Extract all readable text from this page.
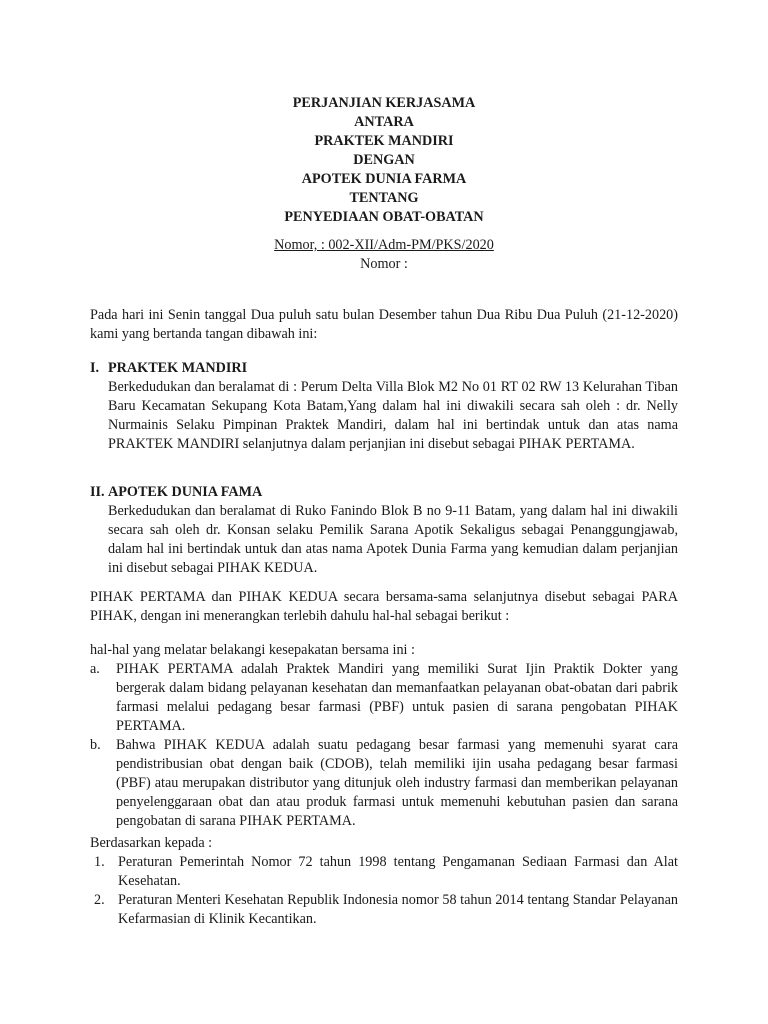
PERJANJIAN KERJASAMA
ANTARA
PRAKTEK MANDIRI
DENGAN
APOTEK DUNIA FARMA
TENTANG
PENYEDIAAN OBAT-OBATAN
Nomor, : 002-XII/Adm-PM/PKS/2020
Nomor :

Pada hari ini Senin tanggal Dua puluh satu bulan Desember tahun Dua Ribu Dua Puluh (21-12-2020) kami yang bertanda tangan dibawah ini:

I. PRAKTEK MANDIRI

Berkedudukan dan beralamat di : Perum Delta Villa Blok M2 No 01 RT 02 RW 13 Kelurahan Tiban Baru Kecamatan Sekupang Kota Batam,Yang dalam hal ini diwakili secara sah oleh : dr. Nelly Nurmainis Selaku Pimpinan Praktek Mandiri, dalam hal ini bertindak untuk dan atas nama PRAKTEK MANDIRI selanjutnya dalam perjanjian ini disebut sebagai PIHAK PERTAMA.

II. APOTEK DUNIA FAMA

Berkedudukan dan beralamat di Ruko Fanindo Blok B no 9-11 Batam, yang dalam hal ini diwakili secara sah oleh dr. Konsan selaku Pemilik Sarana Apotik Sekaligus sebagai Penanggungjawab, dalam hal ini bertindak untuk dan atas nama Apotek Dunia Farma yang kemudian dalam perjanjian ini disebut sebagai PIHAK KEDUA.

PIHAK PERTAMA dan PIHAK KEDUA secara bersama-sama selanjutnya disebut sebagai PARA PIHAK, dengan ini menerangkan terlebih dahulu hal-hal sebagai berikut :

hal-hal yang melatar belakangi kesepakatan bersama ini :

a.	PIHAK PERTAMA adalah Praktek Mandiri yang memiliki Surat Ijin Praktik Dokter yang bergerak dalam bidang pelayanan kesehatan dan memanfaatkan pelayanan obat-obatan dari pabrik farmasi melalui pedagang besar farmasi (PBF) untuk pasien di sarana pengobatan PIHAK PERTAMA.
b.	Bahwa PIHAK KEDUA adalah suatu pedagang besar farmasi yang memenuhi syarat cara pendistribusian obat dengan baik (CDOB), telah memiliki ijin usaha pedagang besar farmasi (PBF) atau merupakan distributor yang ditunjuk oleh industry farmasi dan memberikan pelayanan penyelenggaraan obat dan atau produk farmasi untuk memenuhi kebutuhan pasien dan sarana pengobatan di sarana PIHAK PERTAMA.

Berdasarkan kepada :

1. Peraturan Pemerintah Nomor 72 tahun 1998 tentang Pengamanan Sediaan Farmasi dan Alat Kesehatan.
2. Peraturan Menteri Kesehatan Republik Indonesia nomor 58 tahun 2014 tentang Standar Pelayanan Kefarmasian di Klinik Kecantikan.
